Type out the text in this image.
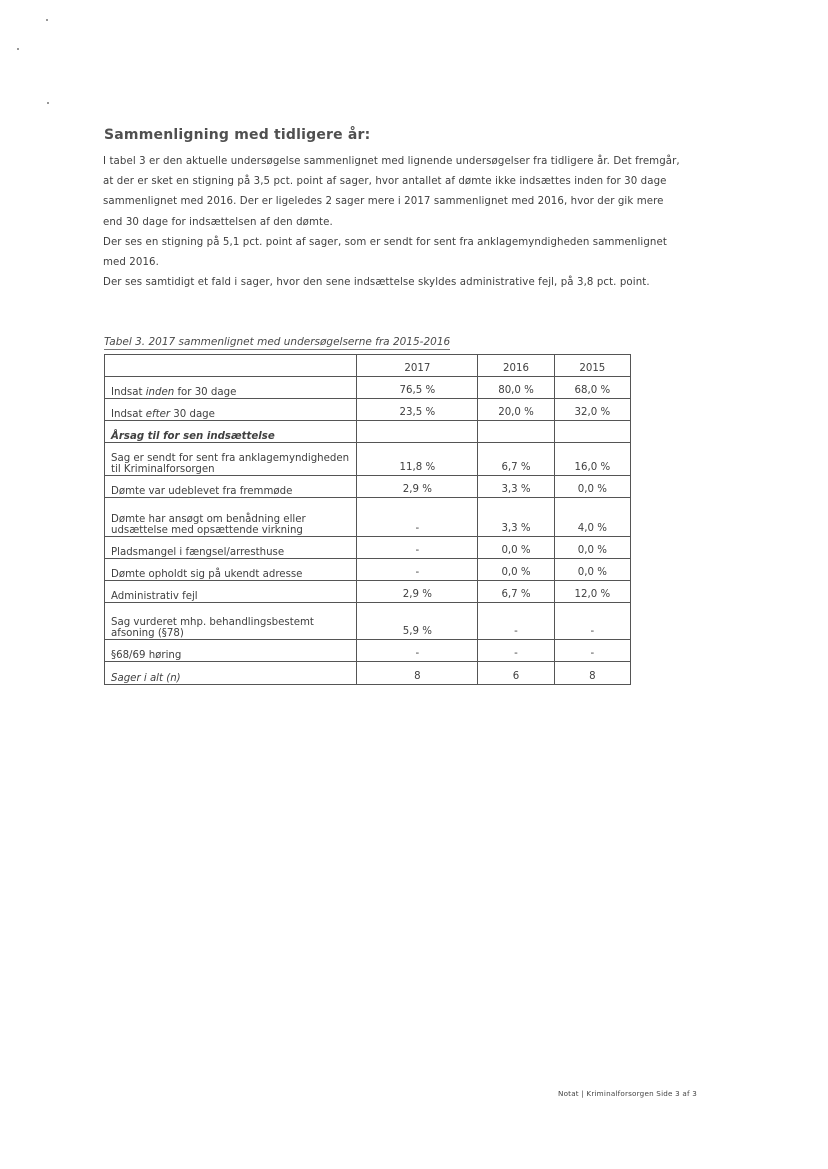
Sammenligning med tidligere år:

I tabel 3 er den aktuelle undersøgelse sammenlignet med lignende undersøgelser fra tidligere år. Det fremgår, at der er sket en stigning på 3,5 pct. point af sager, hvor antallet af dømte ikke indsættes inden for 30 dage sammenlignet med 2016. Der er ligeledes 2 sager mere i 2017 sammenlignet med 2016, hvor der gik mere end 30 dage for indsættelsen af den dømte.

Der ses en stigning på 5,1 pct. point af sager, som er sendt for sent fra anklagemyndigheden sammenlignet med 2016.

Der ses samtidigt et fald i sager, hvor den sene indsættelse skyldes administrative fejl, på 3,8 pct. point.

Tabel 3. 2017 sammenlignet med undersøgelserne fra 2015-2016
	2017	2016	2015
Indsat inden for 30 dage	76,5 %	80,0 %	68,0 %
Indsat efter 30 dage	23,5 %	20,0 %	32,0 %
Årsag til for sen indsættelse			
Sag er sendt for sent fra anklagemyndigheden til Kriminalforsorgen	11,8 %	6,7 %	16,0 %
Dømte var udeblevet fra fremmøde	2,9 %	3,3 %	0,0 %
Dømte har ansøgt om benådning eller udsættelse med opsættende virkning	-	3,3 %	4,0 %
Pladsmangel i fængsel/arresthuse	-	0,0 %	0,0 %
Dømte opholdt sig på ukendt adresse	-	0,0 %	0,0 %
Administrativ fejl	2,9 %	6,7 %	12,0 %
Sag vurderet mhp. behandlingsbestemt afsoning (§78)	5,9 %	-	-
§68/69 høring	-	-	-
Sager i alt (n)	8	6	8
Notat | Kriminalforsorgen Side 3 af 3
